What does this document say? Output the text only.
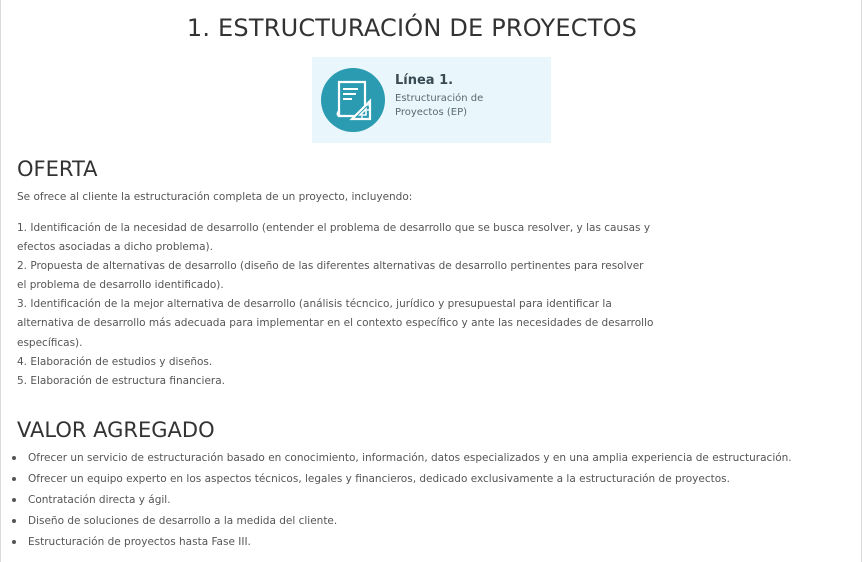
1. ESTRUCTURACIÓN DE PROYECTOS
Línea 1.
Estructuración de
Proyectos (EP)
OFERTA
Se ofrece al cliente la estructuración completa de un proyecto, incluyendo:
1. Identificación de la necesidad de desarrollo (entender el problema de desarrollo que se busca resolver, y las causas y
efectos asociadas a dicho problema).
2. Propuesta de alternativas de desarrollo (diseño de las diferentes alternativas de desarrollo pertinentes para resolver
el problema de desarrollo identificado).
3. Identificación de la mejor alternativa de desarrollo (análisis técncico, jurídico y presupuestal para identificar la
alternativa de desarrollo más adecuada para implementar en el contexto específico y ante las necesidades de desarrollo
específicas).
4. Elaboración de estudios y diseños.
5. Elaboración de estructura financiera.
VALOR AGREGADO
Ofrecer un servicio de estructuración basado en conocimiento, información, datos especializados y en una amplia experiencia de estructuración.
Ofrecer un equipo experto en los aspectos técnicos, legales y financieros, dedicado exclusivamente a la estructuración de proyectos.
Contratación directa y ágil.
Diseño de soluciones de desarrollo a la medida del cliente.
Estructuración de proyectos hasta Fase III.
